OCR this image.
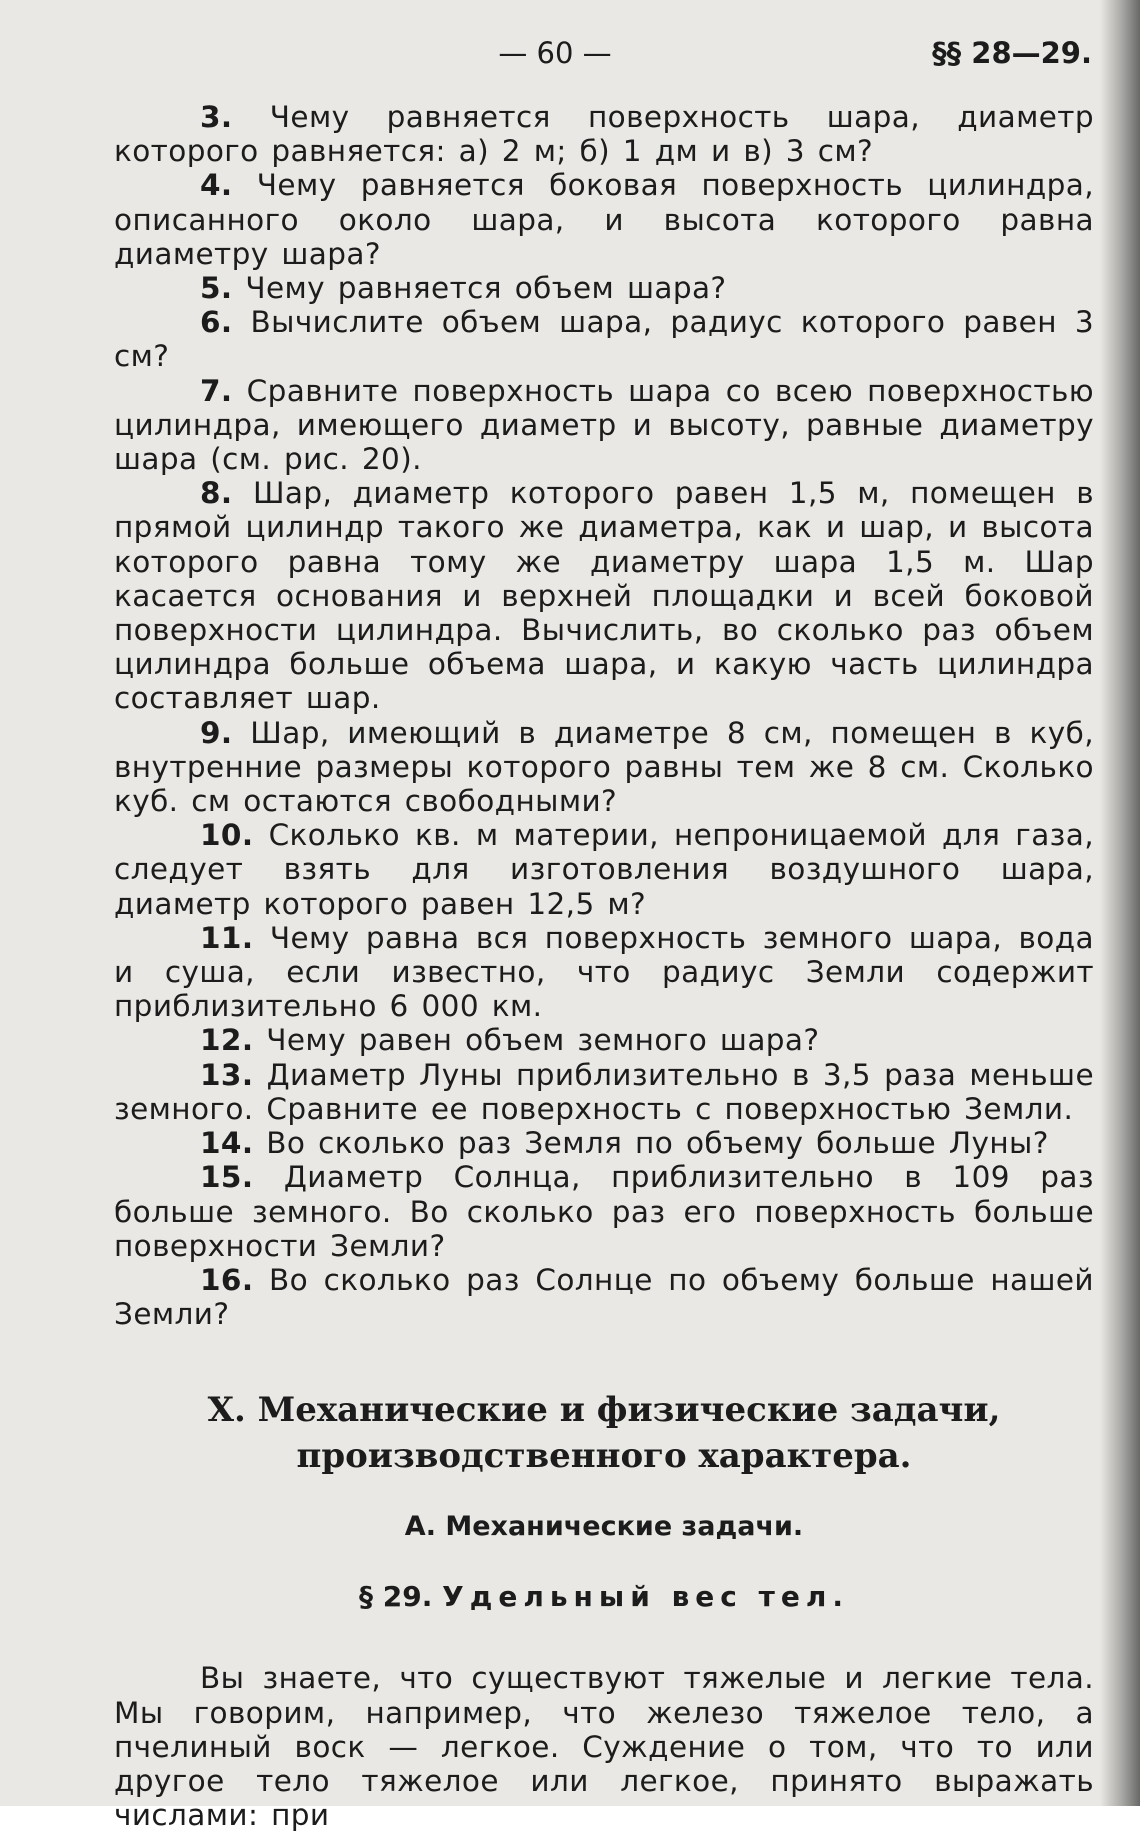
— 60 —	§§ 28—29.

3. Чему равняется поверхность шара, диаметр которого равняется: а) 2 м; б) 1 дм и в) 3 см?

4. Чему равняется боковая поверхность цилиндра, описанного около шара, и высота которого равна диаметру шара?

5. Чему равняется объем шара?

6. Вычислите объем шара, радиус которого равен 3 см?

7. Сравните поверхность шара со всею поверхностью цилиндра, имеющего диаметр и высоту, равные диаметру шара (см. рис. 20).

8. Шар, диаметр которого равен 1,5 м, помещен в прямой цилиндр такого же диаметра, как и шар, и высота которого равна тому же диаметру шара 1,5 м. Шар касается основания и верхней площадки и всей боковой поверхности цилиндра. Вычислить, во сколько раз объем цилиндра больше объема шара, и какую часть цилиндра составляет шар.

9. Шар, имеющий в диаметре 8 см, помещен в куб, внутренние размеры которого равны тем же 8 см. Сколько куб. см остаются свободными?

10. Сколько кв. м материи, непроницаемой для газа, следует взять для изготовления воздушного шара, диаметр которого равен 12,5 м?

11. Чему равна вся поверхность земного шара, вода и суша, если известно, что радиус Земли содержит приблизительно 6 000 км.

12. Чему равен объем земного шара?

13. Диаметр Луны приблизительно в 3,5 раза меньше земного. Сравните ее поверхность с поверхностью Земли.

14. Во сколько раз Земля по объему больше Луны?

15. Диаметр Солнца, приблизительно в 109 раз больше земного. Во сколько раз его поверхность больше поверхности Земли?

16. Во сколько раз Солнце по объему больше нашей Земли?

X. Механические и физические задачи, производственного характера.
А. Механические задачи.
§ 29. Удельный вес тел.

Вы знаете, что существуют тяжелые и легкие тела. Мы говорим, например, что железо тяжелое тело, а пчелиный воск — легкое. Суждение о том, что то или другое тело тяжелое или легкое, принято выражать числами: при
